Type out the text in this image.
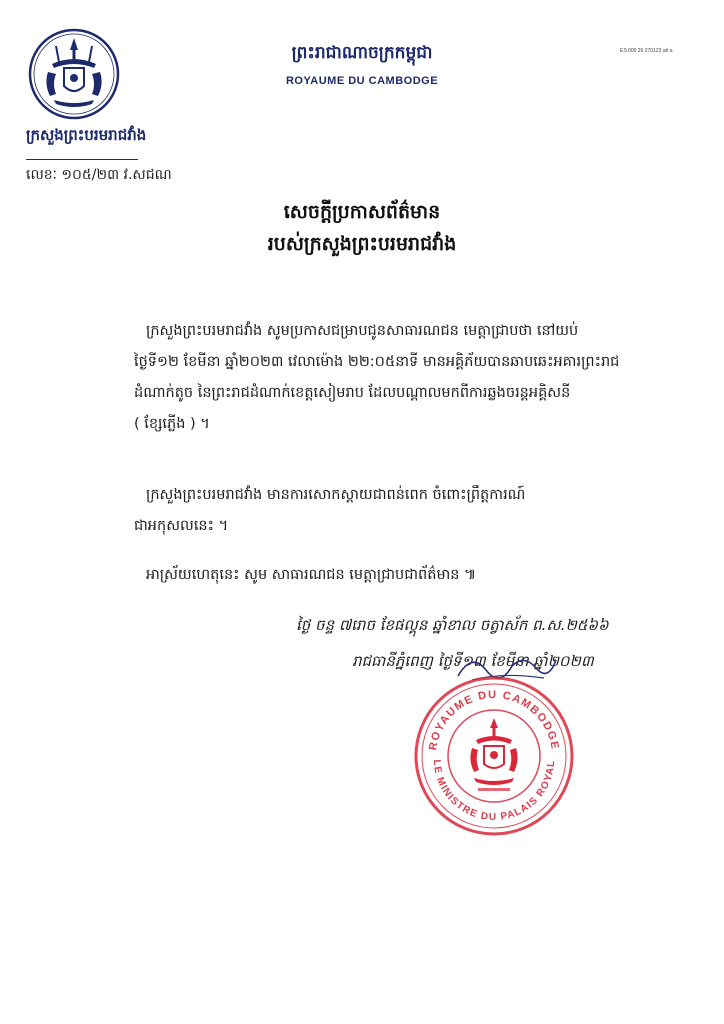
ព្រះរាជាណាចក្រកម្ពុជា
ROYAUME DU CAMBODGE
ES 000 26 270123 ab a
ក្រសួងព្រះបរមរាជវាំង
លេខៈ ១០៥/២៣ វ.សជណ
សេចក្តីប្រកាសព័ត៌មាន
របស់ក្រសួងព្រះបរមរាជវាំង
ក្រសួងព្រះបរមរាជវាំង សូមប្រកាសជម្រាបជូនសាធារណជន មេត្តាជ្រាបថា នៅយប់
ថ្ងៃទី១២ ខែមីនា ឆ្នាំ២០២៣ វេលាម៉ោង ២២:០៥នាទី មានអគ្គិភ័យបានឆាបឆេះអគារព្រះរាជ
ដំណាក់តូច នៃព្រះរាជដំណាក់ខេត្តសៀមរាប ដែលបណ្តាលមកពីការឆ្លងចរន្តអគ្គិសនី
( ខ្សែភ្លើង ) ។
ក្រសួងព្រះបរមរាជវាំង មានការសោកស្តាយជាពន់ពេក ចំពោះព្រឹត្តការណ៍
ជាអកុសលនេះ ។
អាស្រ័យហេតុនេះ សូម សាធារណជន មេត្តាជ្រាបជាព័ត៌មាន ៕
ថ្ងៃ ចន្ទ ៧រោច ខែផល្គុន ឆ្នាំខាល ចត្វាស័ក ព.ស.២៥៦៦
រាជធានីភ្នំពេញ ថ្ងៃទី១៣ ខែមីនា ឆ្នាំ២០២៣
ROYAUME DU CAMBODGE
LE MINISTRE DU PALAIS ROYAL
